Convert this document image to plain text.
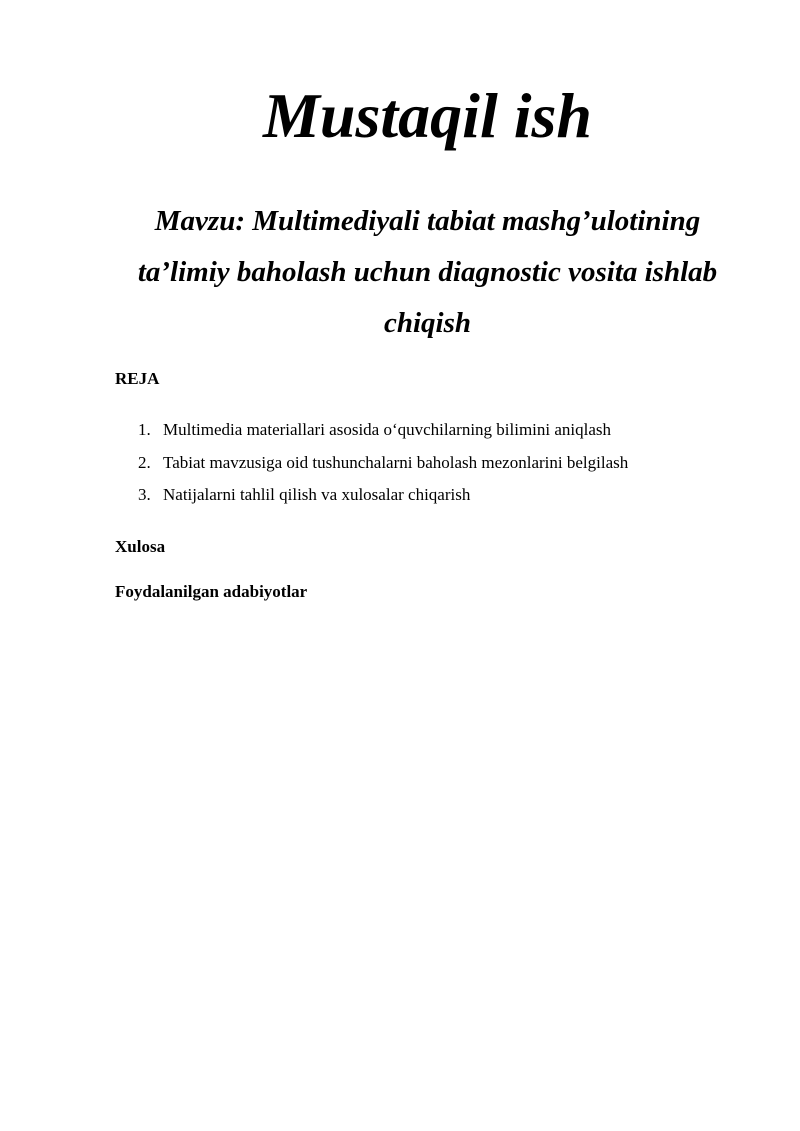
Mustaqil ish
Mavzu: Multimediyali tabiat mashg’ulotining
ta’limiy baholash uchun diagnostic vosita ishlab
chiqish

REJA

1. Multimedia materiallari asosida o‘quvchilarning bilimini aniqlash
2. Tabiat mavzusiga oid tushunchalarni baholash mezonlarini belgilash
3. Natijalarni tahlil qilish va xulosalar chiqarish

Xulosa

Foydalanilgan adabiyotlar
